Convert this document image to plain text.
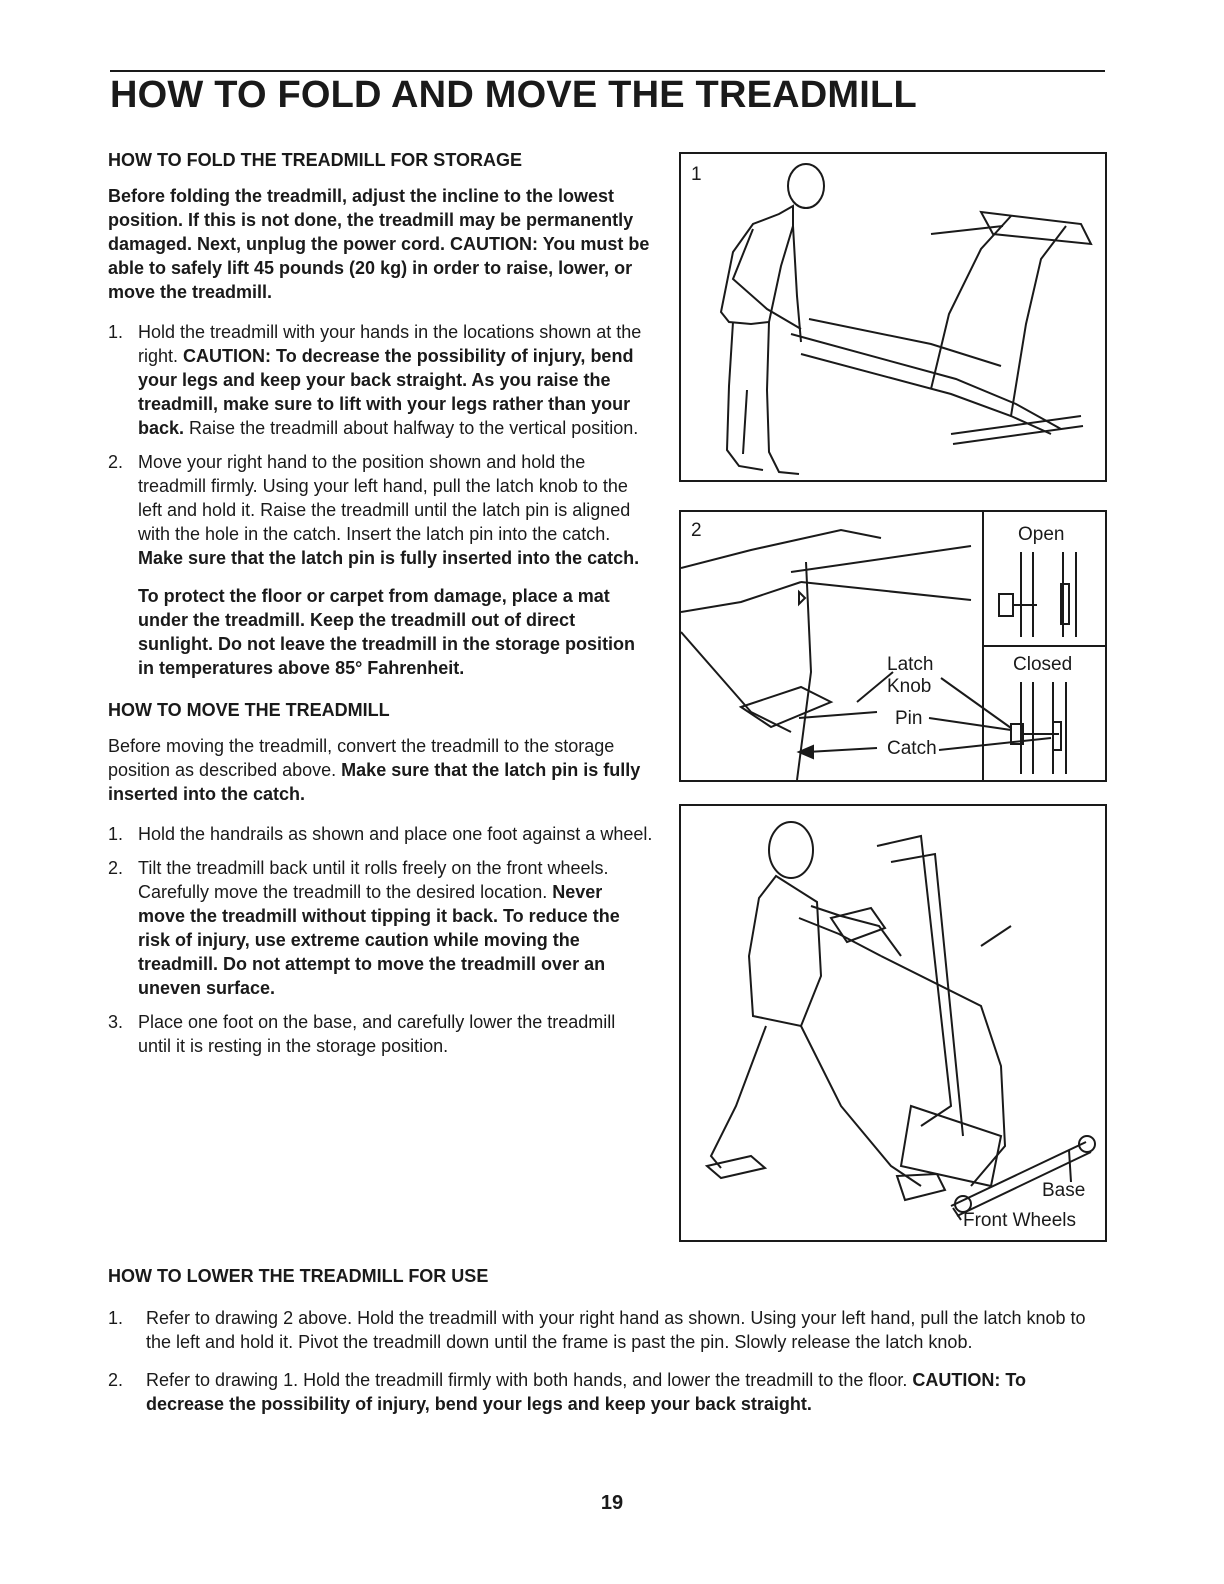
HOW TO FOLD AND MOVE THE TREADMILL
HOW TO FOLD THE TREADMILL FOR STORAGE

Before folding the treadmill, adjust the incline to the lowest position. If this is not done, the treadmill may be permanently damaged. Next, unplug the power cord. CAUTION: You must be able to safely lift 45 pounds (20 kg) in order to raise, lower, or move the treadmill.

1. Hold the treadmill with your hands in the locations shown at the right. CAUTION: To decrease the possibility of injury, bend your legs and keep your back straight. As you raise the treadmill, make sure to lift with your legs rather than your back. Raise the treadmill about halfway to the vertical position.
2. Move your right hand to the position shown and hold the treadmill firmly. Using your left hand, pull the latch knob to the left and hold it. Raise the treadmill until the latch pin is aligned with the hole in the catch. Insert the latch pin into the catch. Make sure that the latch pin is fully inserted into the catch.

To protect the floor or carpet from damage, place a mat under the treadmill. Keep the treadmill out of direct sunlight. Do not leave the treadmill in the storage position in temperatures above 85° Fahrenheit.

HOW TO MOVE THE TREADMILL

Before moving the treadmill, convert the treadmill to the storage position as described above. Make sure that the latch pin is fully inserted into the catch.

1. Hold the handrails as shown and place one foot against a wheel.
2. Tilt the treadmill back until it rolls freely on the front wheels. Carefully move the treadmill to the desired location. Never move the treadmill without tipping it back. To reduce the risk of injury, use extreme caution while moving the treadmill. Do not attempt to move the treadmill over an uneven surface.
3. Place one foot on the base, and carefully lower the treadmill until it is resting in the storage position.
1
2	Open
Closed
Latch
Knob
Pin
Catch
Base
Front Wheels
HOW TO LOWER THE TREADMILL FOR USE
1. Refer to drawing 2 above. Hold the treadmill with your right hand as shown. Using your left hand, pull the latch knob to the left and hold it. Pivot the treadmill down until the frame is past the pin. Slowly release the latch knob.
2. Refer to drawing 1. Hold the treadmill firmly with both hands, and lower the treadmill to the floor. CAUTION: To decrease the possibility of injury, bend your legs and keep your back straight.
19
